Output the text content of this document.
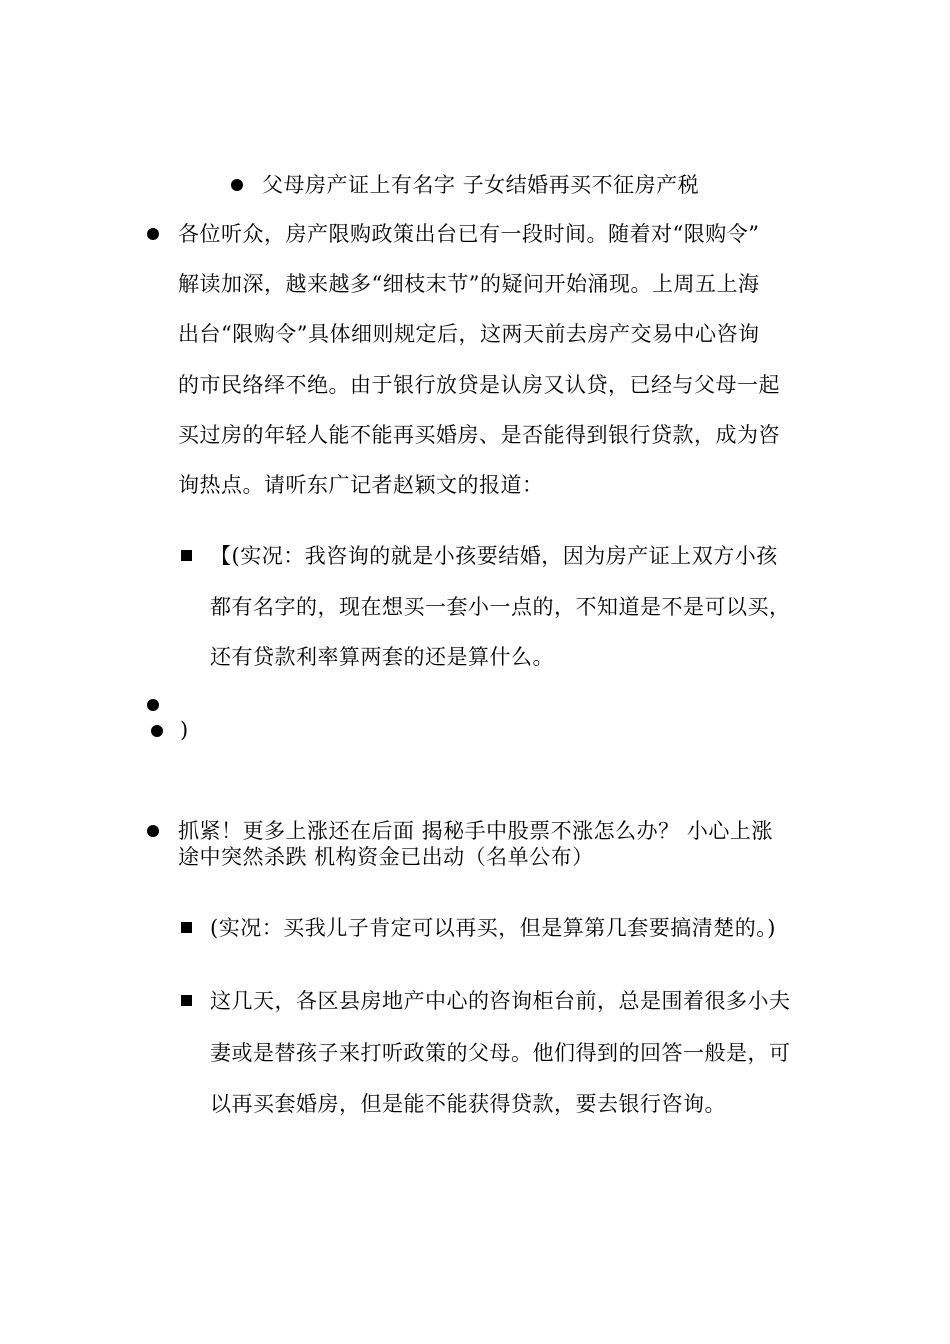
父母房产证上有名字 子女结婚再买不征房产税
各位听众，房产限购政策出台已有一段时间。随着对“限购令”
解读加深，越来越多“细枝末节”的疑问开始涌现。上周五上海
出台“限购令”具体细则规定后，这两天前去房产交易中心咨询
的市民络绎不绝。由于银行放贷是认房又认贷，已经与父母一起
买过房的年轻人能不能再买婚房、是否能得到银行贷款，成为咨
询热点。请听东广记者赵颖文的报道：
【(实况：我咨询的就是小孩要结婚，因为房产证上双方小孩
都有名字的，现在想买一套小一点的，不知道是不是可以买，
还有贷款利率算两套的还是算什么。
)
抓紧！更多上涨还在后面 揭秘手中股票不涨怎么办？ 小心上涨
途中突然杀跌 机构资金已出动（名单公布）
(实况：买我儿子肯定可以再买，但是算第几套要搞清楚的。)
这几天，各区县房地产中心的咨询柜台前，总是围着很多小夫
妻或是替孩子来打听政策的父母。他们得到的回答一般是，可
以再买套婚房，但是能不能获得贷款，要去银行咨询。
